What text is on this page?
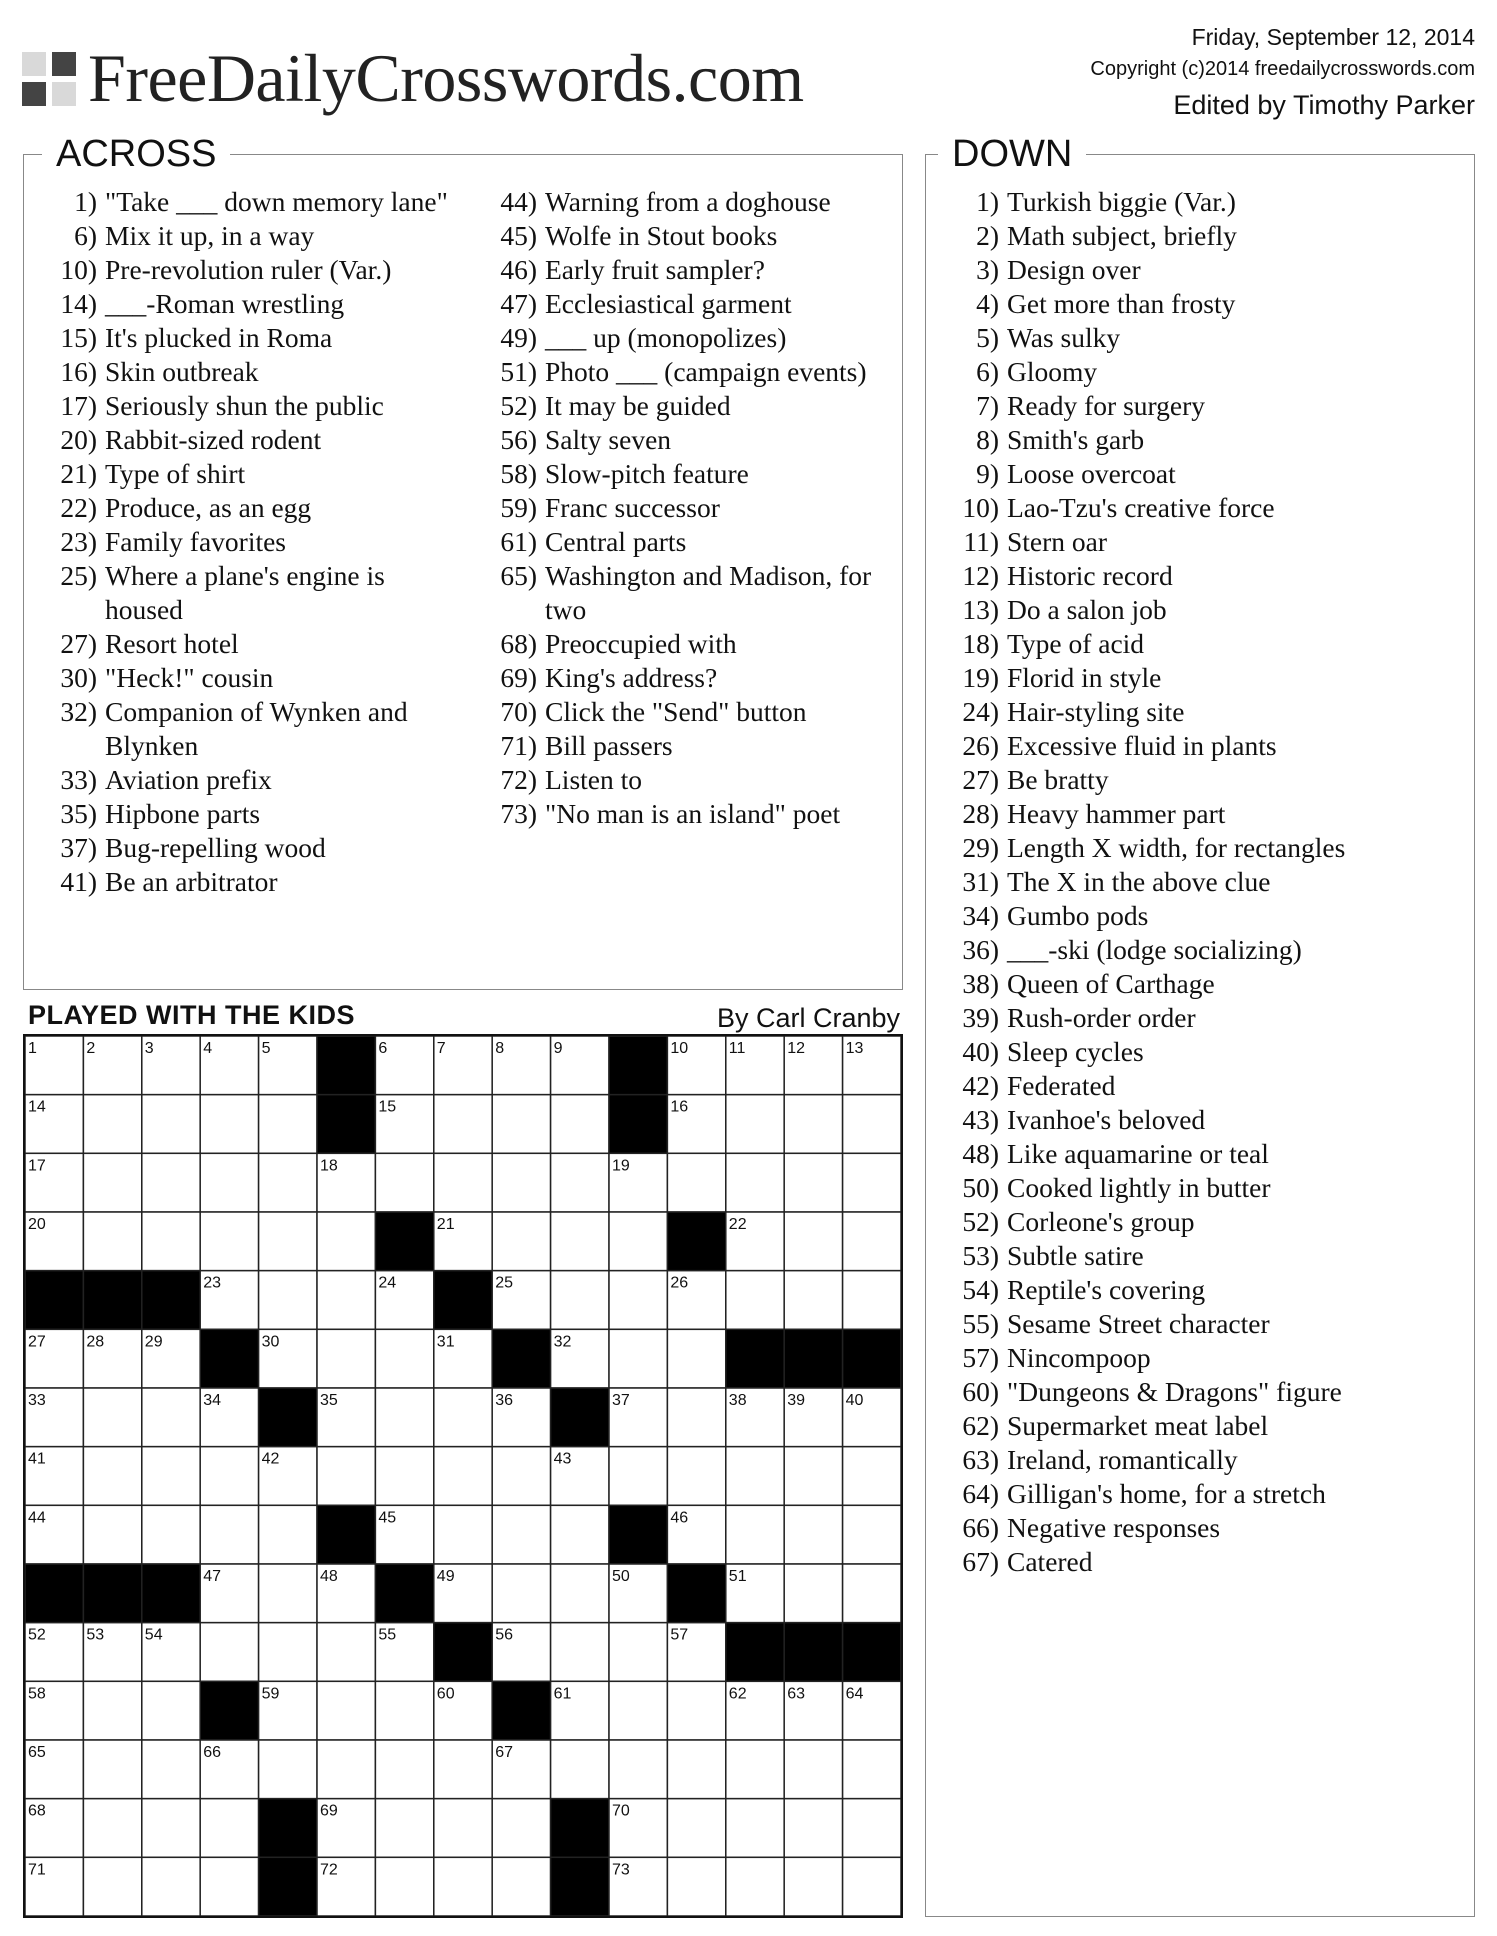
FreeDailyCrosswords.com
Friday, September 12, 2014
Copyright (c)2014 freedailycrosswords.com
Edited by Timothy Parker
ACROSS
1) "Take ___ down memory lane"
6) Mix it up, in a way
10) Pre-revolution ruler (Var.)
14) ___-Roman wrestling
15) It's plucked in Roma
16) Skin outbreak
17) Seriously shun the public
20) Rabbit-sized rodent
21) Type of shirt
22) Produce, as an egg
23) Family favorites
25) Where a plane's engine is housed
27) Resort hotel
30) "Heck!" cousin
32) Companion of Wynken and Blynken
33) Aviation prefix
35) Hipbone parts
37) Bug-repelling wood
41) Be an arbitrator
44) Warning from a doghouse
45) Wolfe in Stout books
46) Early fruit sampler?
47) Ecclesiastical garment
49) ___ up (monopolizes)
51) Photo ___ (campaign events)
52) It may be guided
56) Salty seven
58) Slow-pitch feature
59) Franc successor
61) Central parts
65) Washington and Madison, for two
68) Preoccupied with
69) King's address?
70) Click the "Send" button
71) Bill passers
72) Listen to
73) "No man is an island" poet
DOWN
1) Turkish biggie (Var.)
2) Math subject, briefly
3) Design over
4) Get more than frosty
5) Was sulky
6) Gloomy
7) Ready for surgery
8) Smith's garb
9) Loose overcoat
10) Lao-Tzu's creative force
11) Stern oar
12) Historic record
13) Do a salon job
18) Type of acid
19) Florid in style
24) Hair-styling site
26) Excessive fluid in plants
27) Be bratty
28) Heavy hammer part
29) Length X width, for rectangles
31) The X in the above clue
34) Gumbo pods
36) ___-ski (lodge socializing)
38) Queen of Carthage
39) Rush-order order
40) Sleep cycles
42) Federated
43) Ivanhoe's beloved
48) Like aquamarine or teal
50) Cooked lightly in butter
52) Corleone's group
53) Subtle satire
54) Reptile's covering
55) Sesame Street character
57) Nincompoop
60) "Dungeons & Dragons" figure
62) Supermarket meat label
63) Ireland, romantically
64) Gilligan's home, for a stretch
66) Negative responses
67) Catered
PLAYED WITH THE KIDS	By Carl Cranby
1	2	3	4	5	6	7	8	9	10	11	12	13
14	15	16
17	18	19
20	21	22
23	24	25	26
27	28	29	30	31	32
33	34	35	36	37	38	39	40
41	42	43
44	45	46
47	48	49	50	51
52	53	54	55	56	57
58	59	60	61	62	63	64
65	66	67
68	69	70
71	72	73
